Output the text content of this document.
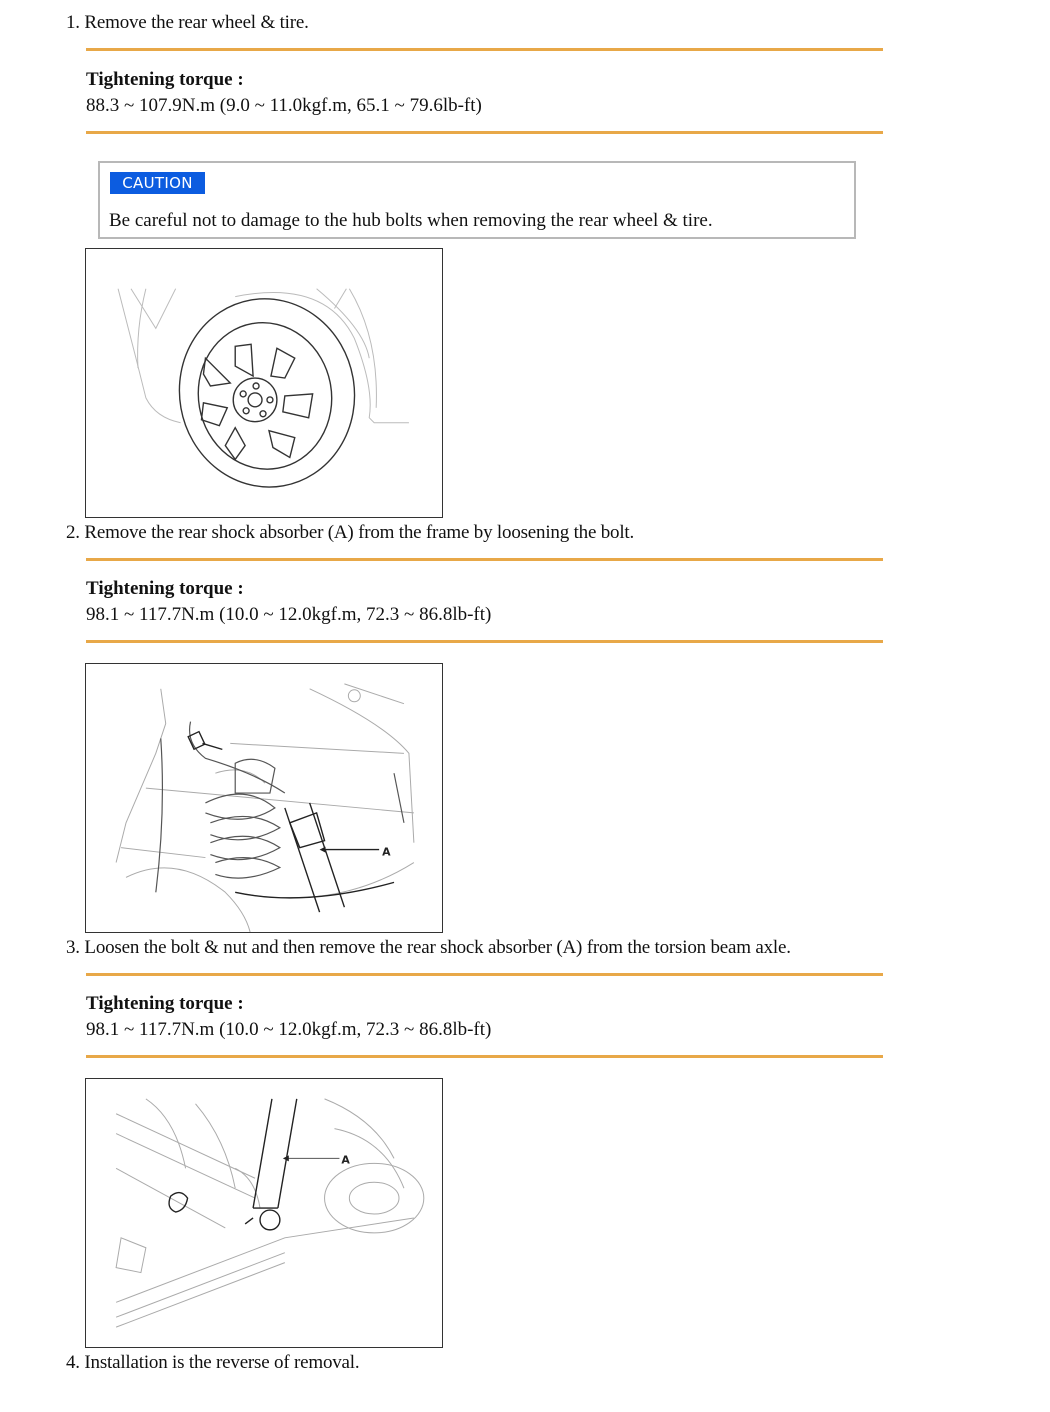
1. Remove the rear wheel & tire.
Tightening torque :
88.3 ~ 107.9N.m (9.0 ~ 11.0kgf.m, 65.1 ~ 79.6lb-ft)
CAUTION
Be careful not to damage to the hub bolts when removing the rear wheel & tire.
2. Remove the rear shock absorber (A) from the frame by loosening the bolt.
Tightening torque :
98.1 ~ 117.7N.m (10.0 ~ 12.0kgf.m, 72.3 ~ 86.8lb-ft)
A
3. Loosen the bolt & nut and then remove the rear shock absorber (A) from the torsion beam axle.
Tightening torque :
98.1 ~ 117.7N.m (10.0 ~ 12.0kgf.m, 72.3 ~ 86.8lb-ft)
A
4. Installation is the reverse of removal.
